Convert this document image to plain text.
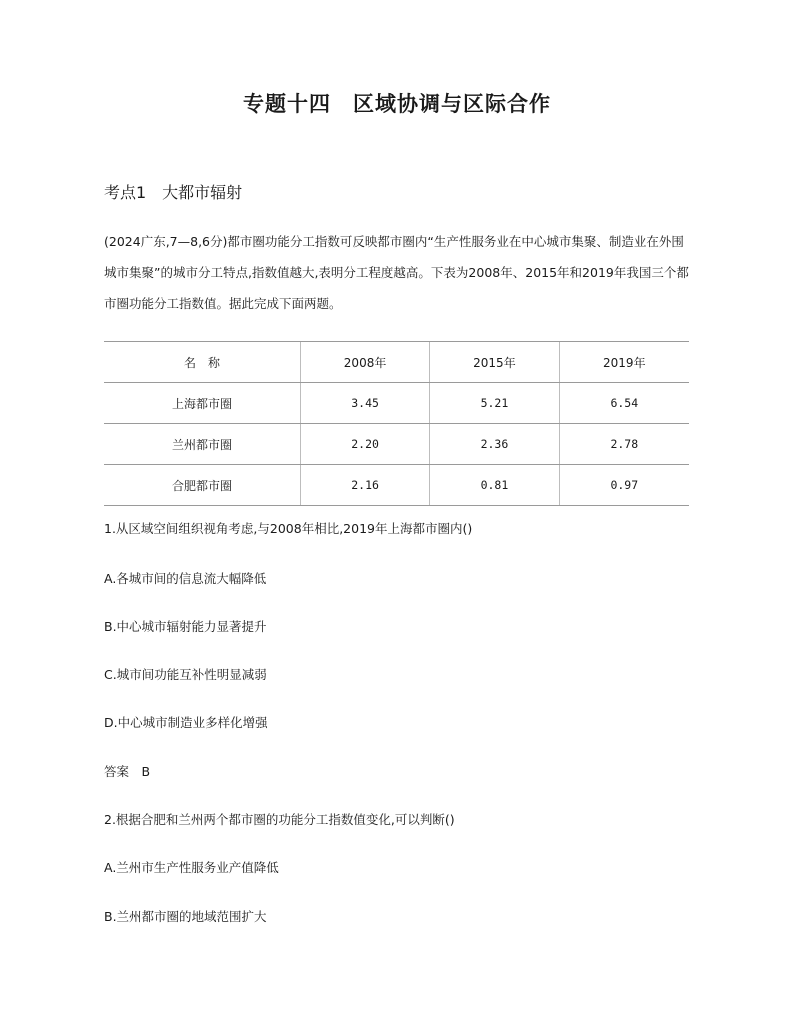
专题十四　区域协调与区际合作
考点1　大都市辐射
(2024广东,7—8,6分)都市圈功能分工指数可反映都市圈内“生产性服务业在中心城市集聚、制造业在外围城市集聚”的城市分工特点,指数值越大,表明分工程度越高。下表为2008年、2015年和2019年我国三个都市圈功能分工指数值。据此完成下面两题。
名　称	2008年	2015年	2019年
上海都市圈	3.45	5.21	6.54
兰州都市圈	2.20	2.36	2.78
合肥都市圈	2.16	0.81	0.97
1.从区域空间组织视角考虑,与2008年相比,2019年上海都市圈内()
A.各城市间的信息流大幅降低
B.中心城市辐射能力显著提升
C.城市间功能互补性明显减弱
D.中心城市制造业多样化增强
答案　B
2.根据合肥和兰州两个都市圈的功能分工指数值变化,可以判断()
A.兰州市生产性服务业产值降低
B.兰州都市圈的地域范围扩大
